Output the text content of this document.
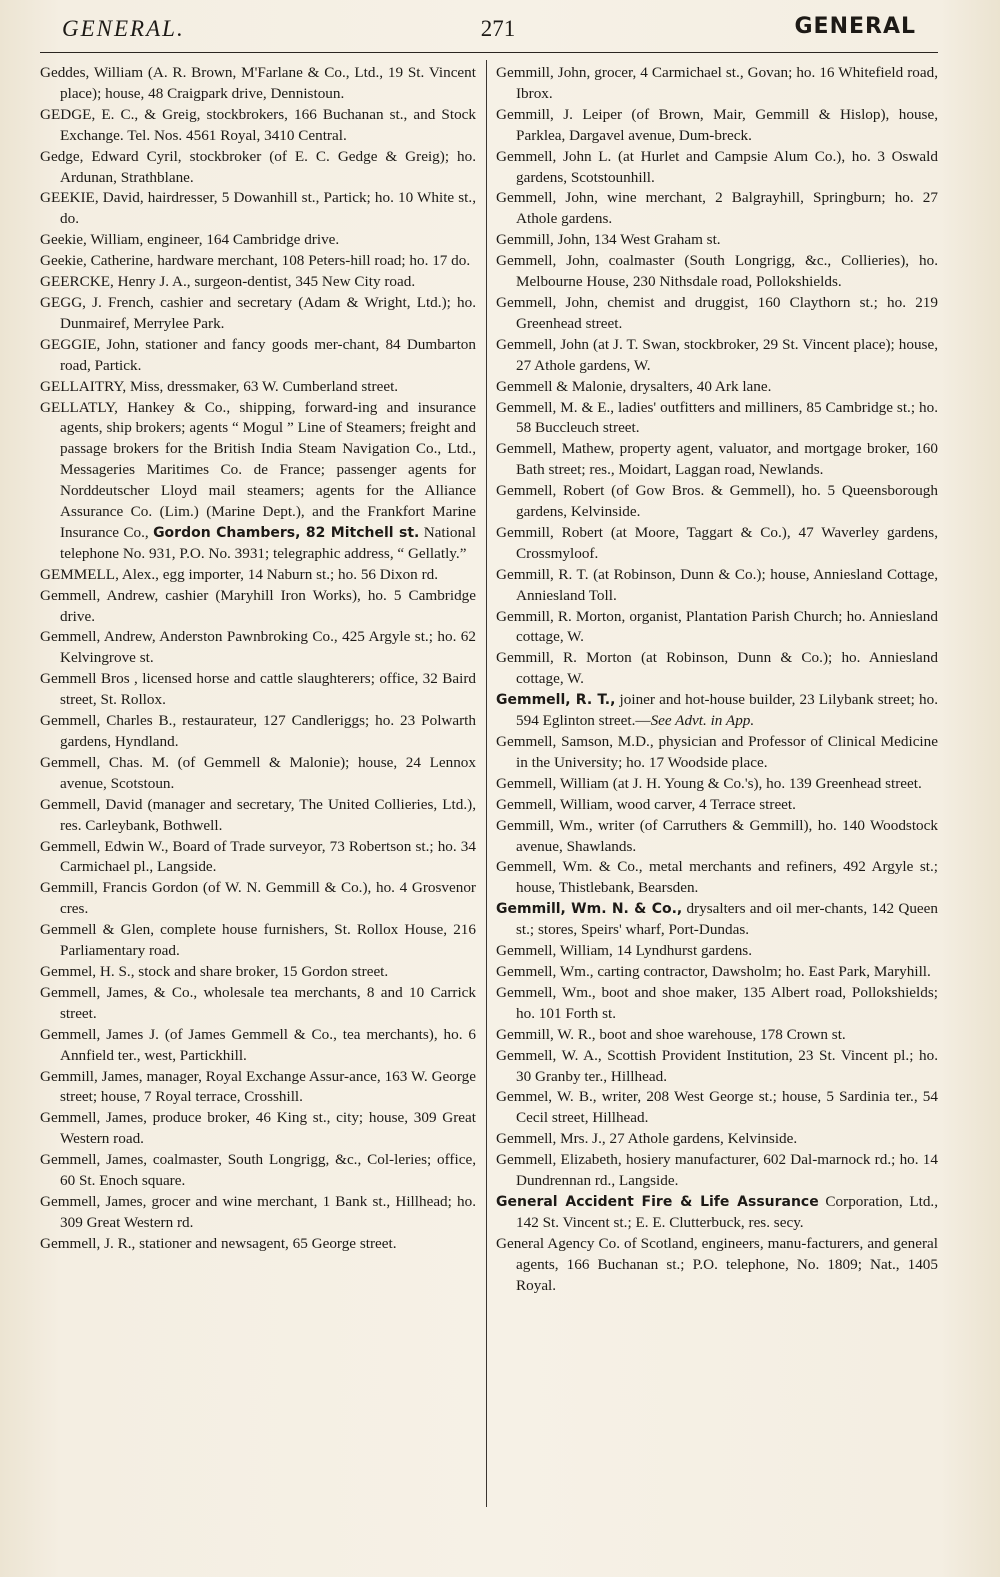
GENERAL.	271	GENERAL

Geddes, William (A. R. Brown, M'Farlane & Co., Ltd., 19 St. Vincent place); house, 48 Craigpark drive, Dennistoun.

GEDGE, E. C., & Greig, stockbrokers, 166 Buchanan st., and Stock Exchange. Tel. Nos. 4561 Royal, 3410 Central.

Gedge, Edward Cyril, stockbroker (of E. C. Gedge & Greig); ho. Ardunan, Strathblane.

GEEKIE, David, hairdresser, 5 Dowanhill st., Partick; ho. 10 White st., do.

Geekie, William, engineer, 164 Cambridge drive.

Geekie, Catherine, hardware merchant, 108 Peters-hill road; ho. 17 do.

GEERCKE, Henry J. A., surgeon-dentist, 345 New City road.

GEGG, J. French, cashier and secretary (Adam & Wright, Ltd.); ho. Dunmairef, Merrylee Park.

GEGGIE, John, stationer and fancy goods mer-chant, 84 Dumbarton road, Partick.

GELLAITRY, Miss, dressmaker, 63 W. Cumberland street.

GELLATLY, Hankey & Co., shipping, forward-ing and insurance agents, ship brokers; agents “ Mogul ” Line of Steamers; freight and passage brokers for the British India Steam Navigation Co., Ltd., Messageries Maritimes Co. de France; passenger agents for Norddeutscher Lloyd mail steamers; agents for the Alliance Assurance Co. (Lim.) (Marine Dept.), and the Frankfort Marine Insurance Co., Gordon Chambers, 82 Mitchell st. National telephone No. 931, P.O. No. 3931; telegraphic address, “ Gellatly.”

GEMMELL, Alex., egg importer, 14 Naburn st.; ho. 56 Dixon rd.

Gemmell, Andrew, cashier (Maryhill Iron Works), ho. 5 Cambridge drive.

Gemmell, Andrew, Anderston Pawnbroking Co., 425 Argyle st.; ho. 62 Kelvingrove st.

Gemmell Bros , licensed horse and cattle slaughterers; office, 32 Baird street, St. Rollox.

Gemmell, Charles B., restaurateur, 127 Candleriggs; ho. 23 Polwarth gardens, Hyndland.

Gemmell, Chas. M. (of Gemmell & Malonie); house, 24 Lennox avenue, Scotstoun.

Gemmell, David (manager and secretary, The United Collieries, Ltd.), res. Carleybank, Bothwell.

Gemmell, Edwin W., Board of Trade surveyor, 73 Robertson st.; ho. 34 Carmichael pl., Langside.

Gemmill, Francis Gordon (of W. N. Gemmill & Co.), ho. 4 Grosvenor cres.

Gemmell & Glen, complete house furnishers, St. Rollox House, 216 Parliamentary road.

Gemmel, H. S., stock and share broker, 15 Gordon street.

Gemmell, James, & Co., wholesale tea merchants, 8 and 10 Carrick street.

Gemmell, James J. (of James Gemmell & Co., tea merchants), ho. 6 Annfield ter., west, Partickhill.

Gemmill, James, manager, Royal Exchange Assur-ance, 163 W. George street; house, 7 Royal terrace, Crosshill.

Gemmell, James, produce broker, 46 King st., city; house, 309 Great Western road.

Gemmell, James, coalmaster, South Longrigg, &c., Col-leries; office, 60 St. Enoch square.

Gemmell, James, grocer and wine merchant, 1 Bank st., Hillhead; ho. 309 Great Western rd.

Gemmell, J. R., stationer and newsagent, 65 George street.

Gemmill, John, grocer, 4 Carmichael st., Govan; ho. 16 Whitefield road, Ibrox.

Gemmill, J. Leiper (of Brown, Mair, Gemmill & Hislop), house, Parklea, Dargavel avenue, Dum-breck.

Gemmell, John L. (at Hurlet and Campsie Alum Co.), ho. 3 Oswald gardens, Scotstounhill.

Gemmell, John, wine merchant, 2 Balgrayhill, Springburn; ho. 27 Athole gardens.

Gemmill, John, 134 West Graham st.

Gemmell, John, coalmaster (South Longrigg, &c., Collieries), ho. Melbourne House, 230 Nithsdale road, Pollokshields.

Gemmell, John, chemist and druggist, 160 Claythorn st.; ho. 219 Greenhead street.

Gemmell, John (at J. T. Swan, stockbroker, 29 St. Vincent place); house, 27 Athole gardens, W.

Gemmell & Malonie, drysalters, 40 Ark lane.

Gemmell, M. & E., ladies' outfitters and milliners, 85 Cambridge st.; ho. 58 Buccleuch street.

Gemmell, Mathew, property agent, valuator, and mortgage broker, 160 Bath street; res., Moidart, Laggan road, Newlands.

Gemmell, Robert (of Gow Bros. & Gemmell), ho. 5 Queensborough gardens, Kelvinside.

Gemmill, Robert (at Moore, Taggart & Co.), 47 Waverley gardens, Crossmyloof.

Gemmill, R. T. (at Robinson, Dunn & Co.); house, Anniesland Cottage, Anniesland Toll.

Gemmill, R. Morton, organist, Plantation Parish Church; ho. Anniesland cottage, W.

Gemmill, R. Morton (at Robinson, Dunn & Co.); ho. Anniesland cottage, W.

Gemmell, R. T., joiner and hot-house builder, 23 Lilybank street; ho. 594 Eglinton street.—See Advt. in App.

Gemmell, Samson, M.D., physician and Professor of Clinical Medicine in the University; ho. 17 Woodside place.

Gemmell, William (at J. H. Young & Co.'s), ho. 139 Greenhead street.

Gemmell, William, wood carver, 4 Terrace street.

Gemmill, Wm., writer (of Carruthers & Gemmill), ho. 140 Woodstock avenue, Shawlands.

Gemmell, Wm. & Co., metal merchants and refiners, 492 Argyle st.; house, Thistlebank, Bearsden.

Gemmill, Wm. N. & Co., drysalters and oil mer-chants, 142 Queen st.; stores, Speirs' wharf, Port-Dundas.

Gemmell, William, 14 Lyndhurst gardens.

Gemmell, Wm., carting contractor, Dawsholm; ho. East Park, Maryhill.

Gemmell, Wm., boot and shoe maker, 135 Albert road, Pollokshields; ho. 101 Forth st.

Gemmill, W. R., boot and shoe warehouse, 178 Crown st.

Gemmell, W. A., Scottish Provident Institution, 23 St. Vincent pl.; ho. 30 Granby ter., Hillhead.

Gemmel, W. B., writer, 208 West George st.; house, 5 Sardinia ter., 54 Cecil street, Hillhead.

Gemmell, Mrs. J., 27 Athole gardens, Kelvinside.

Gemmell, Elizabeth, hosiery manufacturer, 602 Dal-marnock rd.; ho. 14 Dundrennan rd., Langside.

General Accident Fire & Life Assurance Corporation, Ltd., 142 St. Vincent st.; E. E. Clutterbuck, res. secy.

General Agency Co. of Scotland, engineers, manu-facturers, and general agents, 166 Buchanan st.; P.O. telephone, No. 1809; Nat., 1405 Royal.
